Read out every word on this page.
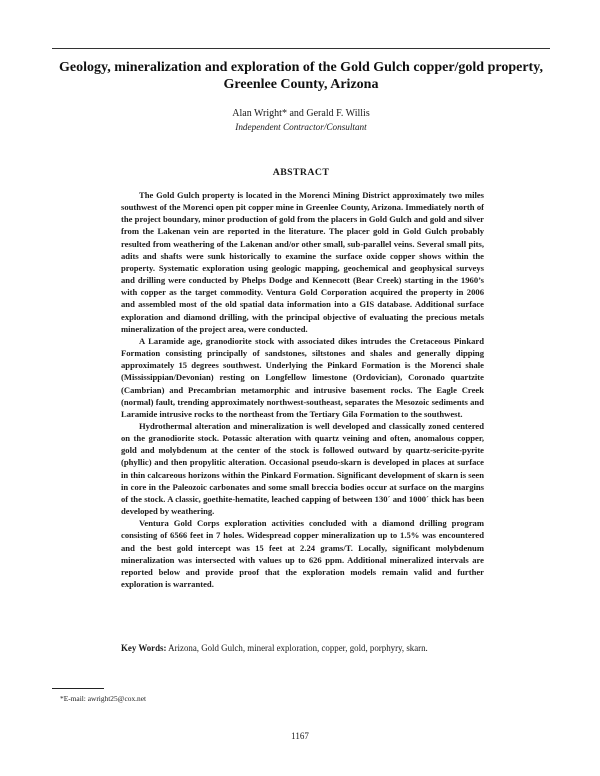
Geology, mineralization and exploration of the Gold Gulch copper/gold property, Greenlee County, Arizona
Alan Wright* and Gerald F. Willis
Independent Contractor/Consultant
ABSTRACT

The Gold Gulch property is located in the Morenci Mining District approximately two miles southwest of the Morenci open pit copper mine in Greenlee County, Arizona. Immediately north of the project boundary, minor production of gold from the placers in Gold Gulch and gold and silver from the Lakenan vein are reported in the literature. The placer gold in Gold Gulch probably resulted from weathering of the Lakenan and/or other small, sub-parallel veins. Several small pits, adits and shafts were sunk historically to examine the surface oxide copper shows within the property. Systematic exploration using geologic mapping, geochemical and geophysical surveys and drilling were conducted by Phelps Dodge and Kennecott (Bear Creek) starting in the 1960’s with copper as the target commodity. Ventura Gold Corporation acquired the property in 2006 and assembled most of the old spatial data information into a GIS database. Additional surface exploration and diamond drilling, with the principal objective of evaluating the precious metals mineralization of the project area, were conducted.

A Laramide age, granodiorite stock with associated dikes intrudes the Cretaceous Pinkard Formation consisting principally of sandstones, siltstones and shales and generally dipping approximately 15 degrees southwest. Underlying the Pinkard Formation is the Morenci shale (Mississippian/Devonian) resting on Longfellow limestone (Ordovician), Coronado quartzite (Cambrian) and Precambrian metamorphic and intrusive basement rocks. The Eagle Creek (normal) fault, trending approximately northwest-southeast, separates the Mesozoic sediments and Laramide intrusive rocks to the northeast from the Tertiary Gila Formation to the southwest.

Hydrothermal alteration and mineralization is well developed and classically zoned centered on the granodiorite stock. Potassic alteration with quartz veining and often, anomalous copper, gold and molybdenum at the center of the stock is followed outward by quartz-sericite-pyrite (phyllic) and then propylitic alteration. Occasional pseudo-skarn is developed in places at surface in thin calcareous horizons within the Pinkard Formation. Significant development of skarn is seen in core in the Paleozoic carbonates and some small breccia bodies occur at surface on the margins of the stock. A classic, goethite-hematite, leached capping of between 130´ and 1000´ thick has been developed by weathering.

Ventura Gold Corps exploration activities concluded with a diamond drilling program consisting of 6566 feet in 7 holes. Widespread copper mineralization up to 1.5% was encountered and the best gold intercept was 15 feet at 2.24 grams/T. Locally, significant molybdenum mineralization was intersected with values up to 626 ppm. Additional mineralized intervals are reported below and provide proof that the exploration models remain valid and further exploration is warranted.

Key Words: Arizona, Gold Gulch, mineral exploration, copper, gold, porphyry, skarn.
*E-mail: awright25@cox.net
1167
